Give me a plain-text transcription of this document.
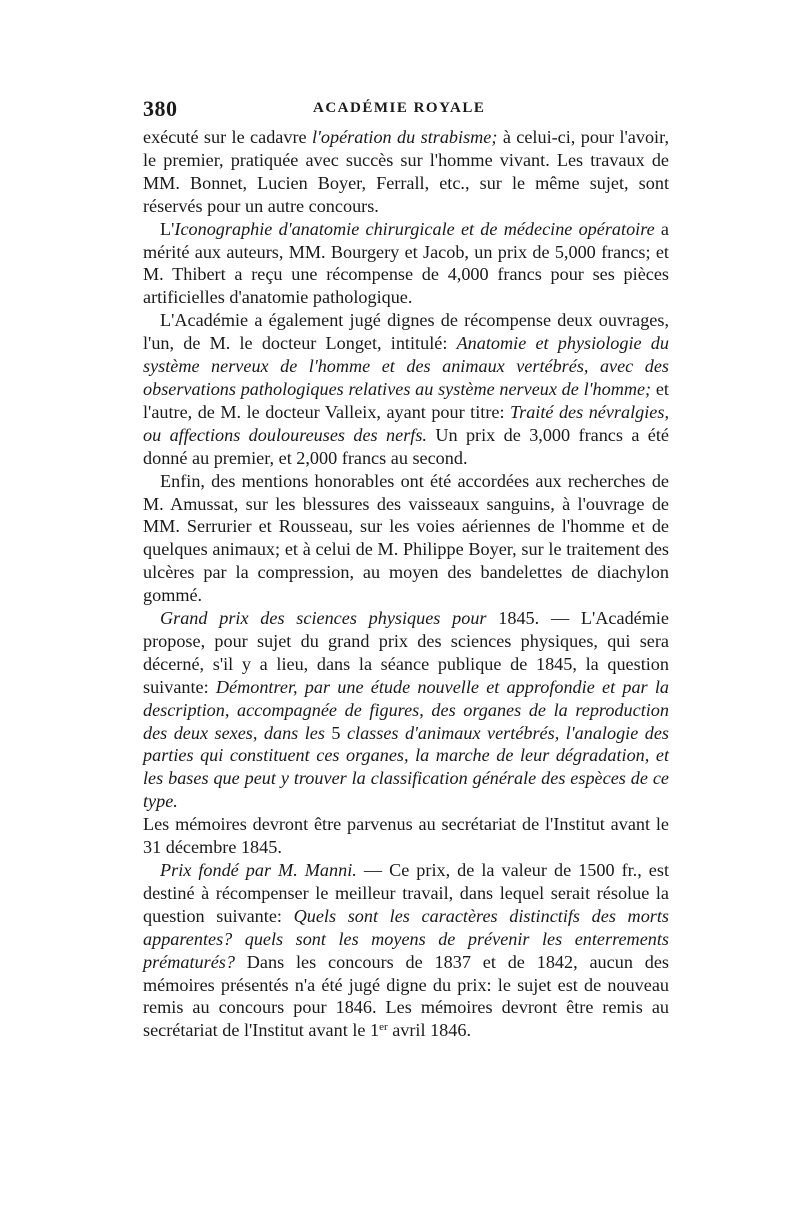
380	ACADÉMIE ROYALE

exécuté sur le cadavre l'opération du strabisme; à celui-ci, pour l'avoir, le premier, pratiquée avec succès sur l'homme vivant. Les travaux de MM. Bonnet, Lucien Boyer, Ferrall, etc., sur le même sujet, sont réservés pour un autre concours.

L'Iconographie d'anatomie chirurgicale et de médecine opératoire a mérité aux auteurs, MM. Bourgery et Jacob, un prix de 5,000 francs; et M. Thibert a reçu une récompense de 4,000 francs pour ses pièces artificielles d'anatomie pathologique.

L'Académie a également jugé dignes de récompense deux ouvrages, l'un, de M. le docteur Longet, intitulé: Anatomie et physiologie du système nerveux de l'homme et des animaux vertébrés, avec des observations pathologiques relatives au système nerveux de l'homme; et l'autre, de M. le docteur Valleix, ayant pour titre: Traité des névralgies, ou affections douloureuses des nerfs. Un prix de 3,000 francs a été donné au premier, et 2,000 francs au second.

Enfin, des mentions honorables ont été accordées aux recherches de M. Amussat, sur les blessures des vaisseaux sanguins, à l'ouvrage de MM. Serrurier et Rousseau, sur les voies aériennes de l'homme et de quelques animaux; et à celui de M. Philippe Boyer, sur le traitement des ulcères par la compression, au moyen des bandelettes de diachylon gommé.

Grand prix des sciences physiques pour 1845. — L'Académie propose, pour sujet du grand prix des sciences physiques, qui sera décerné, s'il y a lieu, dans la séance publique de 1845, la question suivante: Démontrer, par une étude nouvelle et approfondie et par la description, accompagnée de figures, des organes de la reproduction des deux sexes, dans les 5 classes d'animaux vertébrés, l'analogie des parties qui constituent ces organes, la marche de leur dégradation, et les bases que peut y trouver la classification générale des espèces de ce type.

Les mémoires devront être parvenus au secrétariat de l'Institut avant le 31 décembre 1845.

Prix fondé par M. Manni. — Ce prix, de la valeur de 1500 fr., est destiné à récompenser le meilleur travail, dans lequel serait résolue la question suivante: Quels sont les caractères distinctifs des morts apparentes? quels sont les moyens de prévenir les enterrements prématurés? Dans les concours de 1837 et de 1842, aucun des mémoires présentés n'a été jugé digne du prix: le sujet est de nouveau remis au concours pour 1846. Les mémoires devront être remis au secrétariat de l'Institut avant le 1er avril 1846.
